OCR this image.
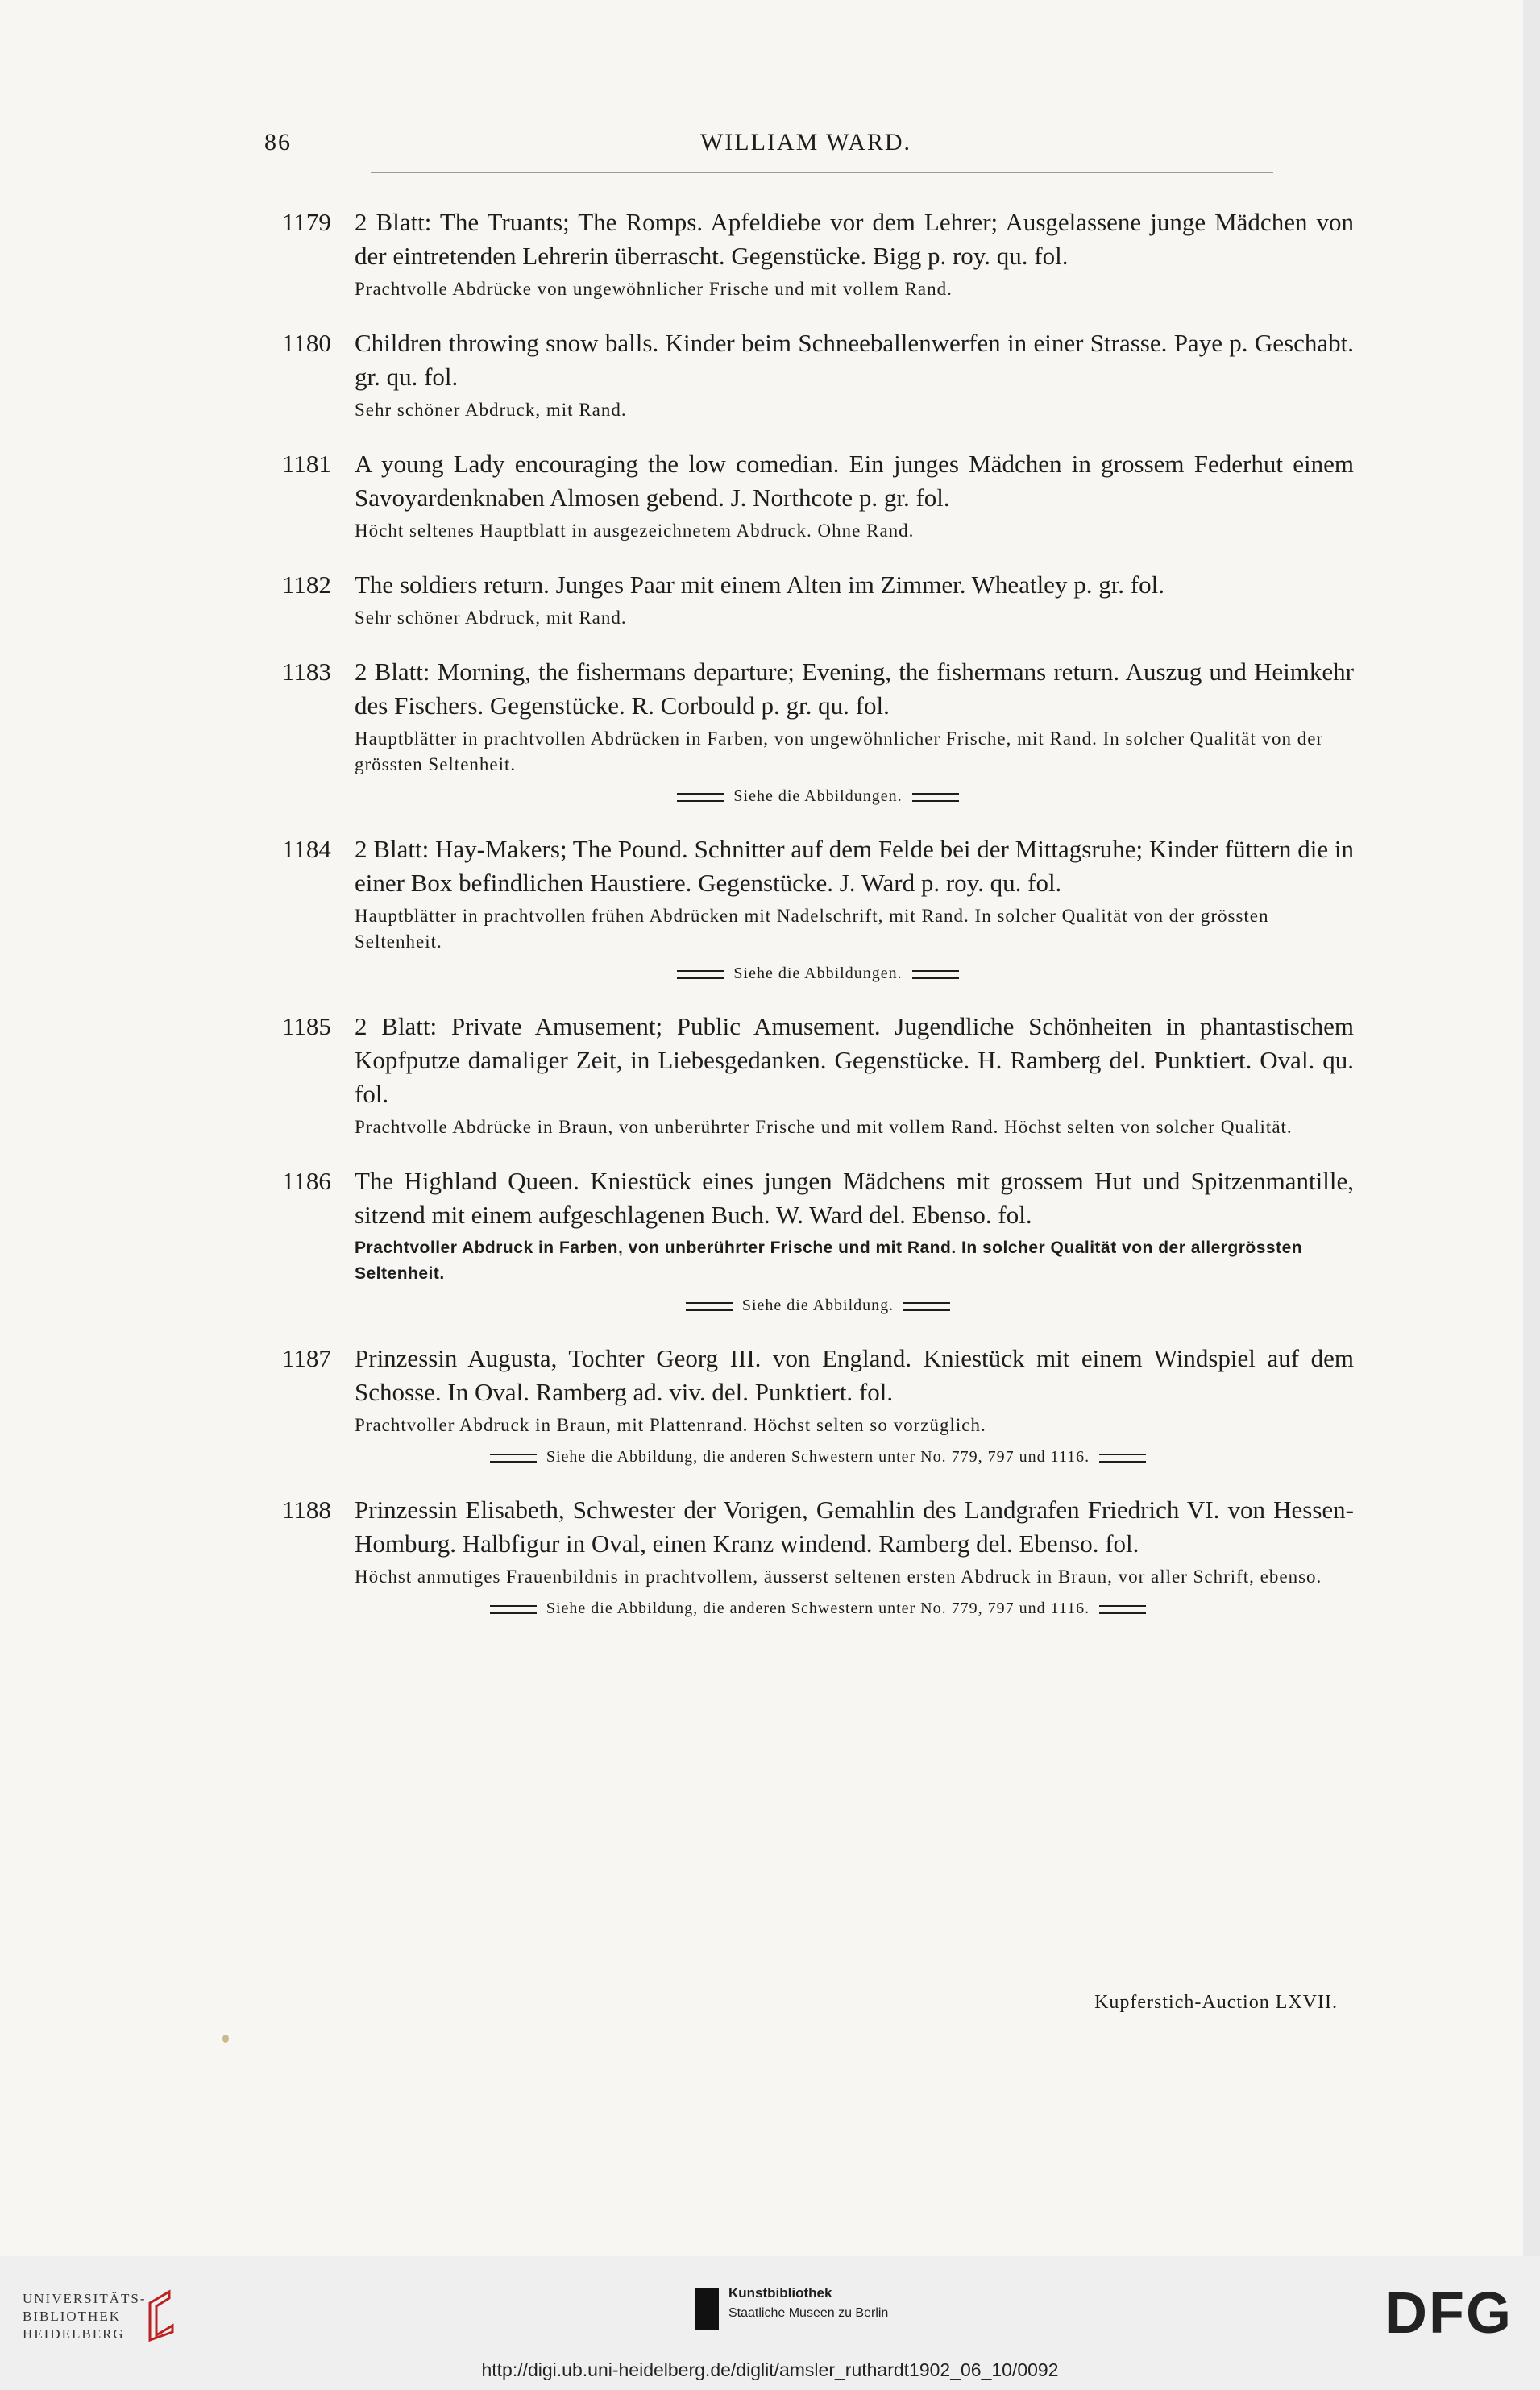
86	WILLIAM WARD.
1179 2 Blatt: The Truants; The Romps. Apfeldiebe vor dem Lehrer; Ausgelassene junge Mädchen von der eintretenden Lehrerin überrascht. Gegenstücke. Bigg p. roy. qu. fol.
Prachtvolle Abdrücke von ungewöhnlicher Frische und mit vollem Rand.
1180 Children throwing snow balls. Kinder beim Schneeballenwerfen in einer Strasse. Paye p. Geschabt. gr. qu. fol.
Sehr schöner Abdruck, mit Rand.
1181 A young Lady encouraging the low comedian. Ein junges Mädchen in grossem Federhut einem Savoyardenknaben Almosen gebend. J. Northcote p. gr. fol.
Höcht seltenes Hauptblatt in ausgezeichnetem Abdruck. Ohne Rand.
1182 The soldiers return. Junges Paar mit einem Alten im Zimmer. Wheatley p. gr. fol.
Sehr schöner Abdruck, mit Rand.
1183 2 Blatt: Morning, the fishermans departure; Evening, the fishermans return. Auszug und Heimkehr des Fischers. Gegenstücke. R. Corbould p. gr. qu. fol.
Hauptblätter in prachtvollen Abdrücken in Farben, von ungewöhnlicher Frische, mit Rand. In solcher Qualität von der grössten Seltenheit.
Siehe die Abbildungen.
1184 2 Blatt: Hay-Makers; The Pound. Schnitter auf dem Felde bei der Mittagsruhe; Kinder füttern die in einer Box befindlichen Haustiere. Gegenstücke. J. Ward p. roy. qu. fol.
Hauptblätter in prachtvollen frühen Abdrücken mit Nadelschrift, mit Rand. In solcher Qualität von der grössten Seltenheit.
Siehe die Abbildungen.
1185 2 Blatt: Private Amusement; Public Amusement. Jugendliche Schönheiten in phantastischem Kopfputze damaliger Zeit, in Liebesgedanken. Gegenstücke. H. Ramberg del. Punktiert. Oval. qu. fol.
Prachtvolle Abdrücke in Braun, von unberührter Frische und mit vollem Rand. Höchst selten von solcher Qualität.
1186 The Highland Queen. Kniestück eines jungen Mädchens mit grossem Hut und Spitzenmantille, sitzend mit einem aufgeschlagenen Buch. W. Ward del. Ebenso. fol.
Prachtvoller Abdruck in Farben, von unberührter Frische und mit Rand. In solcher Qualität von der allergrössten Seltenheit.
Siehe die Abbildung.
1187 Prinzessin Augusta, Tochter Georg III. von England. Kniestück mit einem Windspiel auf dem Schosse. In Oval. Ramberg ad. viv. del. Punktiert. fol.
Prachtvoller Abdruck in Braun, mit Plattenrand. Höchst selten so vorzüglich.
Siehe die Abbildung, die anderen Schwestern unter No. 779, 797 und 1116.
1188 Prinzessin Elisabeth, Schwester der Vorigen, Gemahlin des Landgrafen Friedrich VI. von Hessen-Homburg. Halbfigur in Oval, einen Kranz windend. Ramberg del. Ebenso. fol.
Höchst anmutiges Frauenbildnis in prachtvollem, äusserst seltenen ersten Abdruck in Braun, vor aller Schrift, ebenso.
Siehe die Abbildung, die anderen Schwestern unter No. 779, 797 und 1116.
Kupferstich-Auction LXVII.
UNIVERSITÄTS-
BIBLIOTHEK
HEIDELBERG
Kunstbibliothek
Staatliche Museen zu Berlin	DFG
http://digi.ub.uni-heidelberg.de/diglit/amsler_ruthardt1902_06_10/0092
